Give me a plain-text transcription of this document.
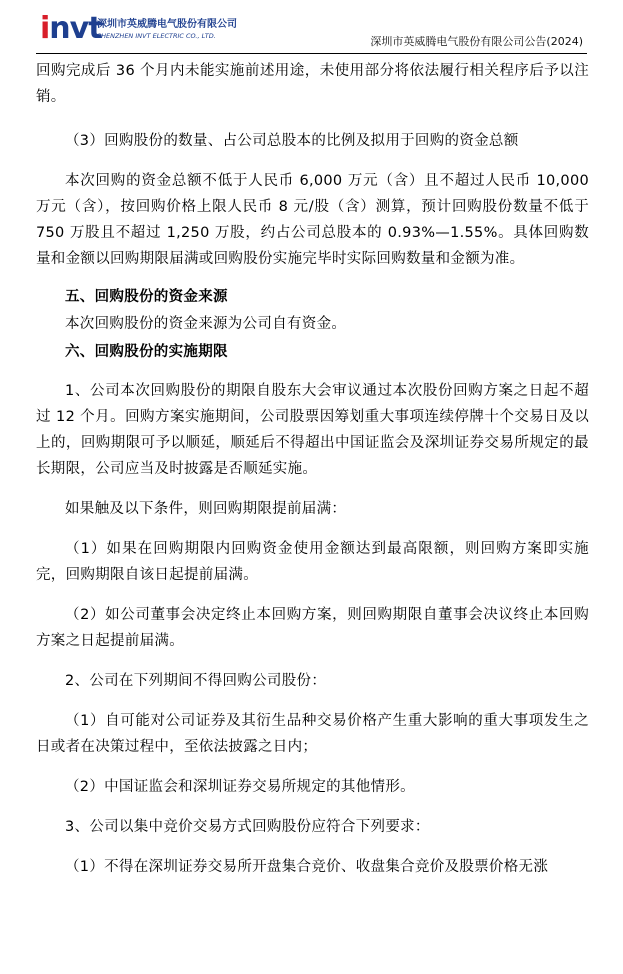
invt
深圳市英威腾电气股份有限公司
SHENZHEN INVT ELECTRIC CO., LTD.	深圳市英威腾电气股份有限公司公告(2024)

回购完成后 36 个月内未能实施前述用途，未使用部分将依法履行相关程序后予以注销。

（3）回购股份的数量、占公司总股本的比例及拟用于回购的资金总额

本次回购的资金总额不低于人民币 6,000 万元（含）且不超过人民币 10,000 万元（含），按回购价格上限人民币 8 元/股（含）测算，预计回购股份数量不低于 750 万股且不超过 1,250 万股，约占公司总股本的 0.93%—1.55%。具体回购数量和金额以回购期限届满或回购股份实施完毕时实际回购数量和金额为准。

五、回购股份的资金来源

本次回购股份的资金来源为公司自有资金。

六、回购股份的实施期限

1、公司本次回购股份的期限自股东大会审议通过本次股份回购方案之日起不超过 12 个月。回购方案实施期间，公司股票因筹划重大事项连续停牌十个交易日及以上的，回购期限可予以顺延，顺延后不得超出中国证监会及深圳证券交易所规定的最长期限，公司应当及时披露是否顺延实施。

如果触及以下条件，则回购期限提前届满：

（1）如果在回购期限内回购资金使用金额达到最高限额，则回购方案即实施完，回购期限自该日起提前届满。

（2）如公司董事会决定终止本回购方案，则回购期限自董事会决议终止本回购方案之日起提前届满。

2、公司在下列期间不得回购公司股份：

（1）自可能对公司证券及其衍生品种交易价格产生重大影响的重大事项发生之日或者在决策过程中，至依法披露之日内；

（2）中国证监会和深圳证券交易所规定的其他情形。

3、公司以集中竞价交易方式回购股份应符合下列要求：

（1）不得在深圳证券交易所开盘集合竞价、收盘集合竞价及股票价格无涨
